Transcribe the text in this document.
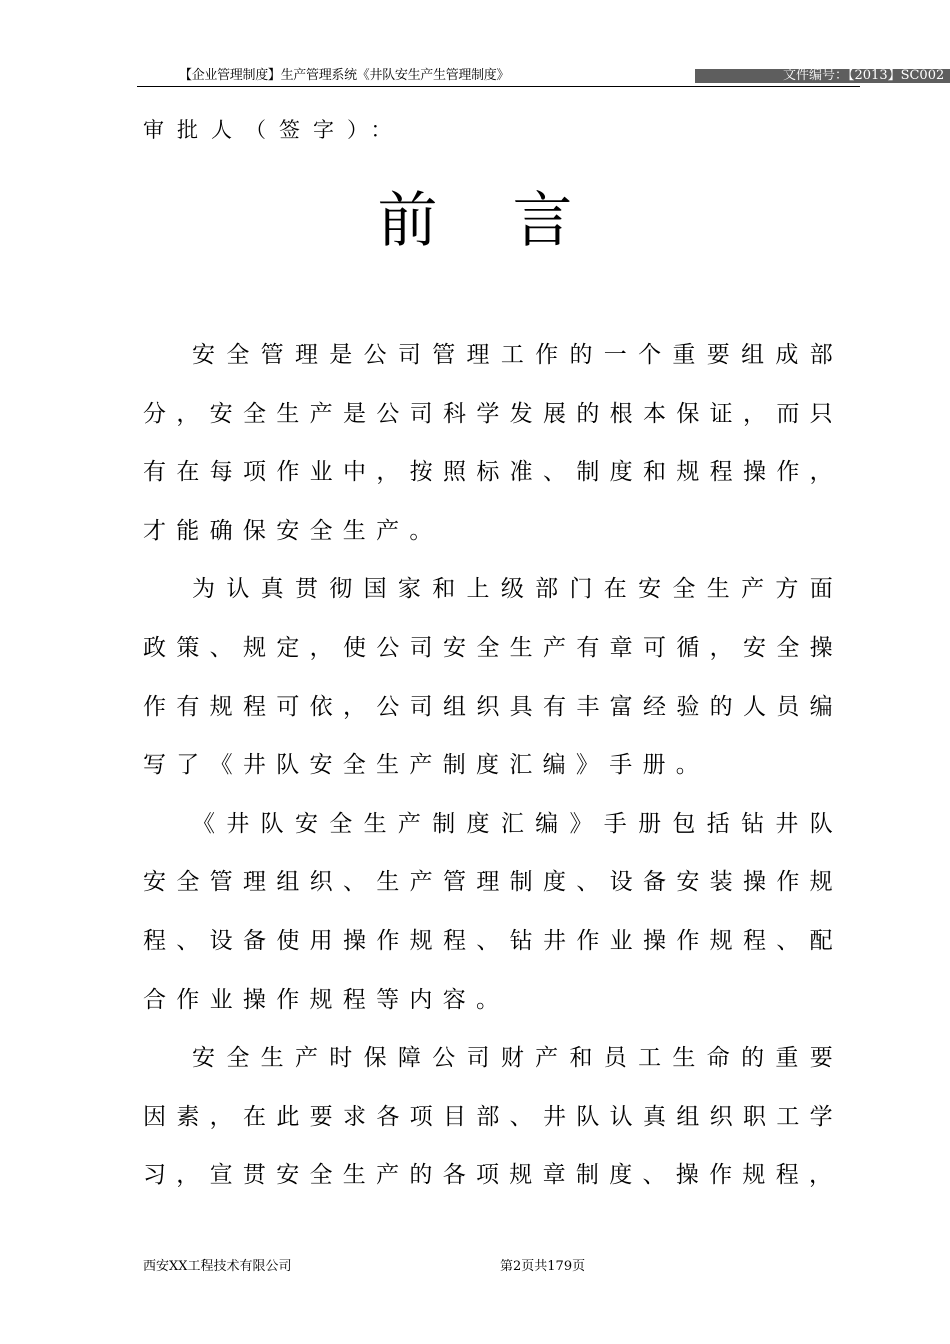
【企业管理制度】生产管理系统《井队安生产生管理制度》	文件编号：【2013】SC002
审批人（签字）：
前 言

安全管理是公司管理工作的一个重要组成部分，安全生产是公司科学发展的根本保证，而只有在每项作业中，按照标准、制度和规程操作，才能确保安全生产。

为认真贯彻国家和上级部门在安全生产方面政策、规定，使公司安全生产有章可循，安全操作有规程可依，公司组织具有丰富经验的人员编写了《井队安全生产制度汇编》手册。

《井队安全生产制度汇编》手册包括钻井队安全管理组织、生产管理制度、设备安装操作规程、设备使用操作规程、钻井作业操作规程、配合作业操作规程等内容。

安全生产时保障公司财产和员工生命的重要因素，在此要求各项目部、井队认真组织职工学习，宣贯安全生产的各项规章制度、操作规程，

西安XX工程技术有限公司	第2页共179页
